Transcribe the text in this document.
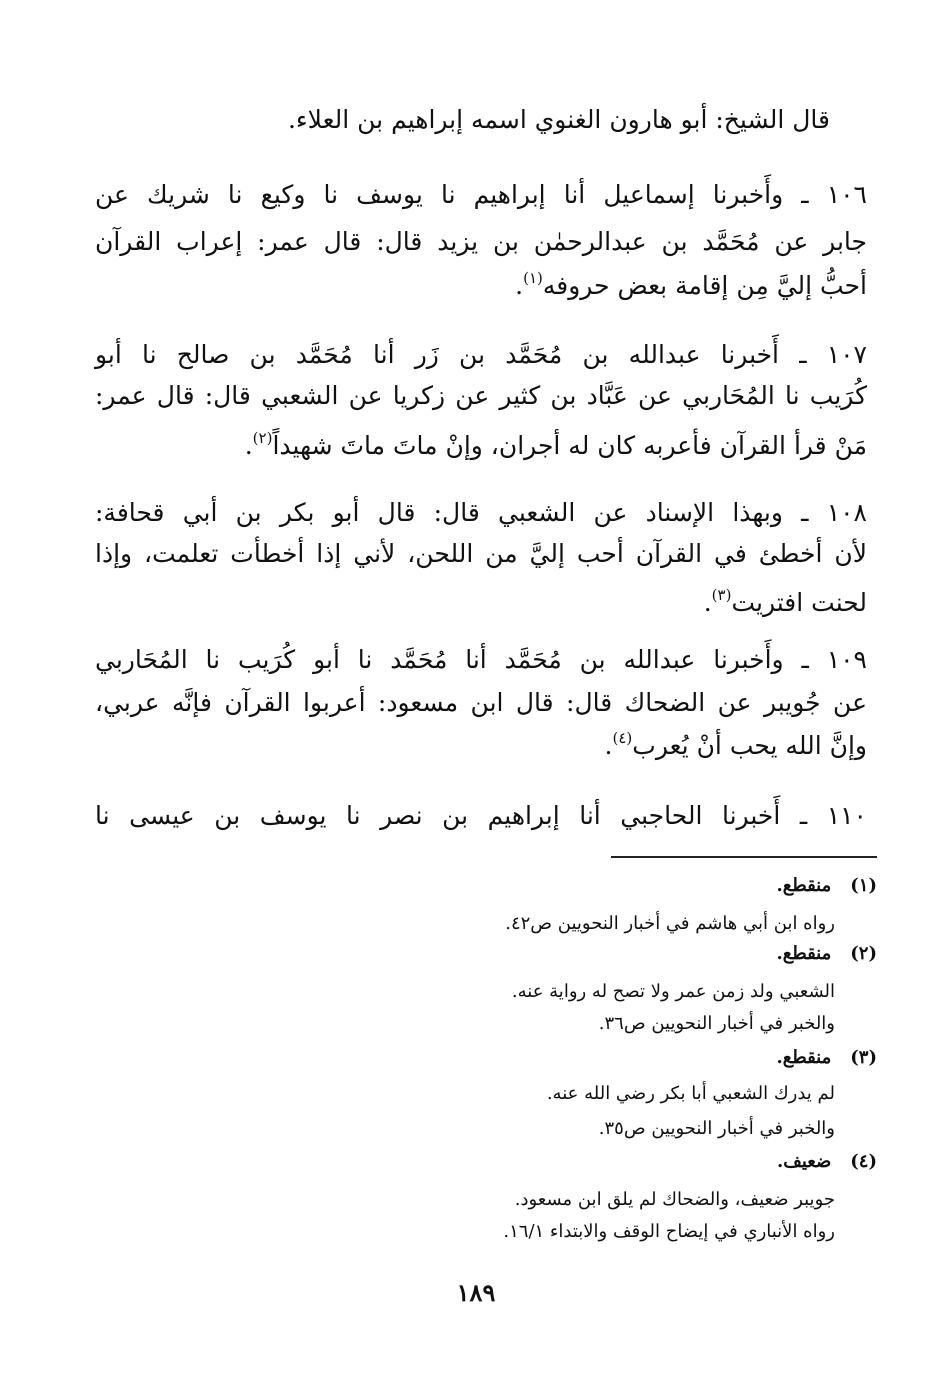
قال الشيخ: أبو هارون الغنوي اسمه إبراهيم بن العلاء.
١٠٦ ـ وأَخبرنا إسماعيل أنا إبراهيم نا يوسف نا وكيع نا شريك عن
جابر عن مُحَمَّد بن عبدالرحمٰن بن يزيد قال: قال عمر: إعراب القرآن
أحبُّ إليَّ مِن إقامة بعض حروفه$^{(١)}$.
١٠٧ ـ أَخبرنا عبدالله بن مُحَمَّد بن زَر أنا مُحَمَّد بن صالح نا أبو
كُرَيب نا المُحَاربي عن عَبَّاد بن كثير عن زكريا عن الشعبي قال: قال عمر:
مَنْ قرأ القرآن فأعربه كان له أجران، وإنْ ماتَ ماتَ شهيداً$^{(٢)}$.
١٠٨ ـ وبهذا الإسناد عن الشعبي قال: قال أبو بكر بن أبي قحافة:
لأن أخطئ في القرآن أحب إليَّ من اللحن، لأني إذا أخطأت تعلمت، وإذا
لحنت افتريت$^{(٣)}$.
١٠٩ ـ وأَخبرنا عبدالله بن مُحَمَّد أنا مُحَمَّد نا أبو كُرَيب نا المُحَاربي
عن جُويبر عن الضحاك قال: قال ابن مسعود: أعربوا القرآن فإنَّه عربي،
وإنَّ الله يحب أنْ يُعرب$^{(٤)}$.
١١٠ ـ أَخبرنا الحاجبي أنا إبراهيم بن نصر نا يوسف بن عيسى نا
(١) منقطع.
رواه ابن أبي هاشم في أخبار النحويين ص٤٢.
(٢) منقطع.
الشعبي ولد زمن عمر ولا تصح له رواية عنه.
والخبر في أخبار النحويين ص٣٦.
(٣) منقطع.
لم يدرك الشعبي أبا بكر رضي الله عنه.
والخبر في أخبار النحويين ص٣٥.
(٤) ضعيف.
جويبر ضعيف، والضحاك لم يلق ابن مسعود.
رواه الأنباري في إيضاح الوقف والابتداء ١٦/١.
١٨٩
